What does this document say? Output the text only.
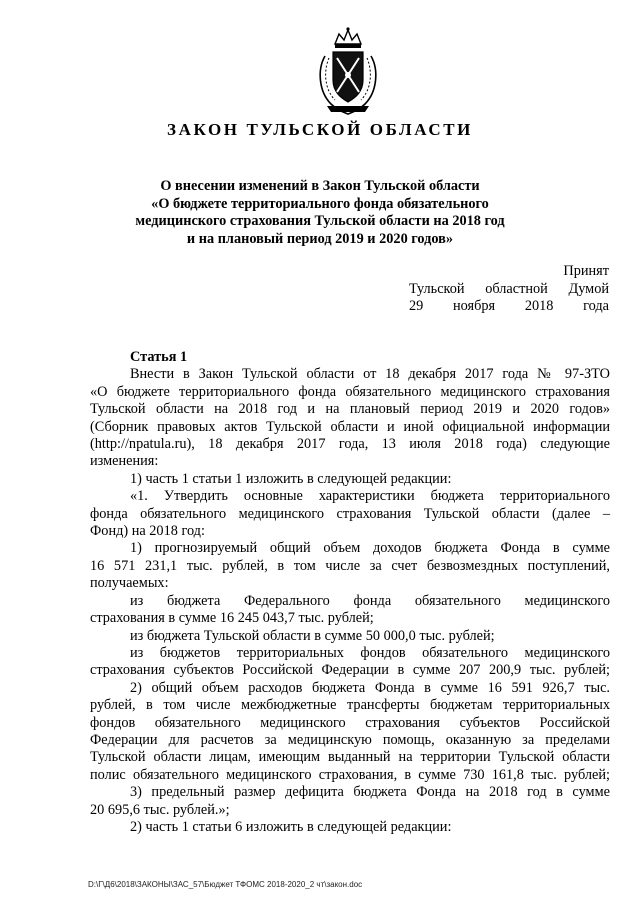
ЗАКОН ТУЛЬСКОЙ ОБЛАСТИ
О внесении изменений в Закон Тульской области
«О бюджете территориального фонда обязательного
медицинского страхования Тульской области на 2018 год
и на плановый период 2019 и 2020 годов»
Принят
Тульской областной Думой
29 ноября 2018 года
Статья 1
Внести в Закон Тульской области от 18 декабря 2017 года № 97-ЗТО
«О бюджете территориального фонда обязательного медицинского страхования
Тульской области на 2018 год и на плановый период 2019 и 2020 годов»
(Сборник правовых актов Тульской области и иной официальной информации
(http://npatula.ru), 18 декабря 2017 года, 13 июля 2018 года) следующие
изменения:
1) часть 1 статьи 1 изложить в следующей редакции:
«1. Утвердить основные характеристики бюджета территориального
фонда обязательного медицинского страхования Тульской области (далее –
Фонд) на 2018 год:
1) прогнозируемый общий объем доходов бюджета Фонда в сумме
16 571 231,1 тыс. рублей, в том числе за счет безвозмездных поступлений,
получаемых:
из бюджета Федерального фонда обязательного медицинского
страхования в сумме 16 245 043,7 тыс. рублей;
из бюджета Тульской области в сумме 50 000,0 тыс. рублей;
из бюджетов территориальных фондов обязательного медицинского
страхования субъектов Российской Федерации в сумме 207 200,9 тыс. рублей;
2) общий объем расходов бюджета Фонда в сумме 16 591 926,7 тыс.
рублей, в том числе межбюджетные трансферты бюджетам территориальных
фондов обязательного медицинского страхования субъектов Российской
Федерации для расчетов за медицинскую помощь, оказанную за пределами
Тульской области лицам, имеющим выданный на территории Тульской области
полис обязательного медицинского страхования, в сумме 730 161,8 тыс. рублей;
3) предельный размер дефицита бюджета Фонда на 2018 год в сумме
20 695,6 тыс. рублей.»;
2) часть 1 статьи 6 изложить в следующей редакции:
D:\Г\Д6\2018\ЗАКОНЫ\ЗАС_57\Бюджет ТФОМС 2018-2020_2 чт\закон.doc
